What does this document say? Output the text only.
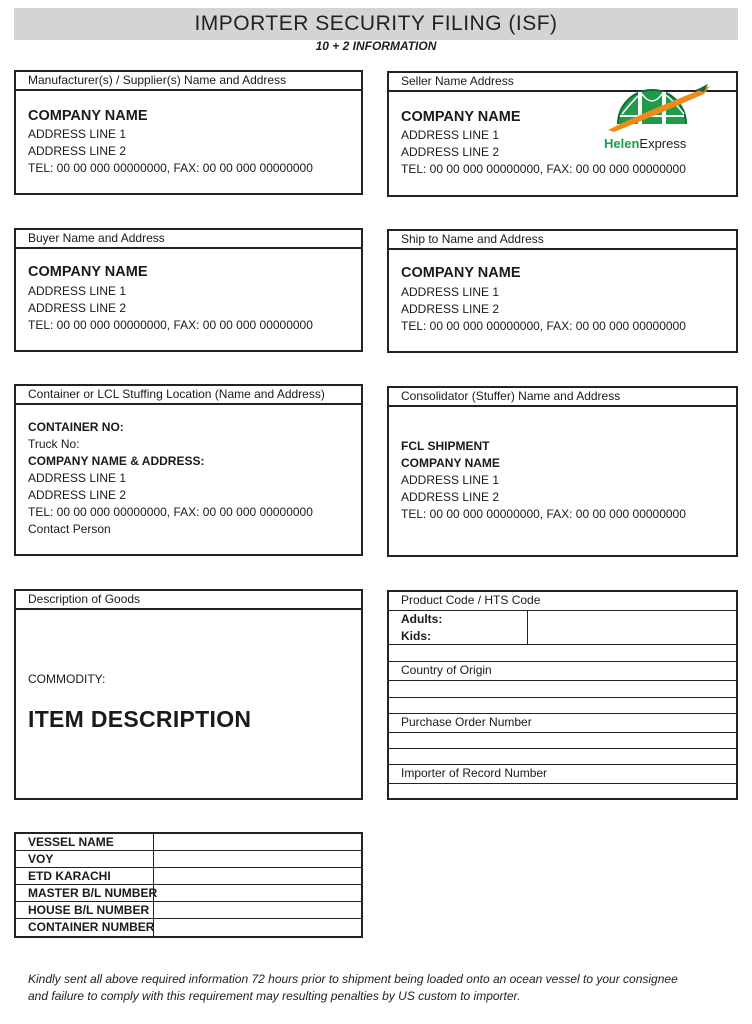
IMPORTER SECURITY FILING (ISF)
10 + 2 INFORMATION
Manufacturer(s) / Supplier(s) Name and Address
COMPANY NAME
ADDRESS LINE 1
ADDRESS LINE 2
TEL: 00 00 000 00000000, FAX: 00 00 000 00000000
Seller Name Address
COMPANY NAME
ADDRESS LINE 1
ADDRESS LINE 2
TEL: 00 00 000 00000000, FAX: 00 00 000 00000000
HelenExpress
Buyer Name and Address
COMPANY NAME
ADDRESS LINE 1
ADDRESS LINE 2
TEL: 00 00 000 00000000, FAX: 00 00 000 00000000
Ship to Name and Address
COMPANY NAME
ADDRESS LINE 1
ADDRESS LINE 2
TEL: 00 00 000 00000000, FAX: 00 00 000 00000000
Container or LCL Stuffing Location (Name and Address)
CONTAINER NO:
Truck No:
COMPANY NAME & ADDRESS:
ADDRESS LINE 1
ADDRESS LINE 2
TEL: 00 00 000 00000000, FAX: 00 00 000 00000000
Contact Person
Consolidator (Stuffer) Name and Address
FCL SHIPMENT
COMPANY NAME
ADDRESS LINE 1
ADDRESS LINE 2
TEL: 00 00 000 00000000, FAX: 00 00 000 00000000
Description of Goods
COMMODITY:
ITEM DESCRIPTION
Product Code / HTS Code
Adults:
Kids:
Country of Origin
Purchase Order Number
Importer of Record Number
VESSEL NAME
VOY
ETD KARACHI
MASTER B/L NUMBER
HOUSE B/L NUMBER
CONTAINER NUMBER
Kindly sent all above required information 72 hours prior to shipment being loaded onto an ocean vessel to your consignee
and failure to comply with this requirement may resulting penalties by US custom to importer.
